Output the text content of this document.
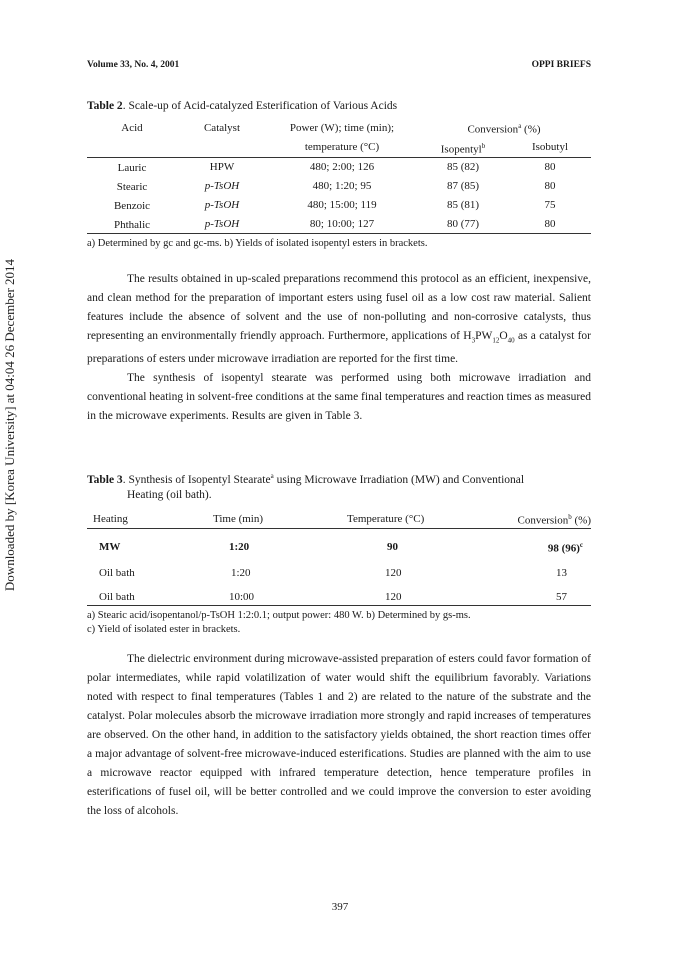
Downloaded by [Korea University] at 04:04 26 December 2014
Volume 33, No. 4, 2001	OPPI BRIEFS
Table 2. Scale-up of Acid-catalyzed Esterification of Various Acids
Acid	Catalyst	Power (W); time (min);	Conversion$^a$ (%)	
		temperature (°C)	Isopentyl$^b$	Isobutyl
Lauric	HPW	480; 2:00; 126	85 (82)	80
Stearic	p-TsOH	480; 1:20; 95	87 (85)	80
Benzoic	p-TsOH	480; 15:00; 119	85 (81)	75
Phthalic	p-TsOH	80; 10:00; 127	80 (77)	80
a) Determined by gc and gc-ms. b) Yields of isolated isopentyl esters in brackets.

The results obtained in up-scaled preparations recommend this protocol as an efficient, inexpensive, and clean method for the preparation of important esters using fusel oil as a low cost raw material. Salient features include the absence of solvent and the use of non-polluting and non-corrosive catalysts, thus representing an environmentally friendly approach. Furthermore, applications of $H_3PW_{12}O_{40}$ as a catalyst for preparations of esters under microwave irradiation are reported for the first time.

The synthesis of isopentyl stearate was performed using both microwave irradiation and conventional heating in solvent-free conditions at the same final temperatures and reaction times as measured in the microwave experiments. Results are given in Table 3.

Table 3. Synthesis of Isopentyl Stearate$^a$ using Microwave Irradiation (MW) and Conventional
Heating (oil bath).
Heating	Time (min)	Temperature (°C)	Conversion$^b$ (%)
MW	1:20	90	98 $(96)^c$
Oil bath	1:20	120	13
Oil bath	10:00	120	57
a) Stearic acid/isopentanol/p-TsOH 1:2:0.1; output power: 480 W. b) Determined by gs-ms.
c) Yield of isolated ester in brackets.

The dielectric environment during microwave-assisted preparation of esters could favor formation of polar intermediates, while rapid volatilization of water would shift the equilibrium favorably. Variations noted with respect to final temperatures (Tables 1 and 2) are related to the nature of the substrate and the catalyst. Polar molecules absorb the microwave irradiation more strongly and rapid increases of temperatures are observed. On the other hand, in addition to the satisfactory yields obtained, the short reaction times offer a major advantage of solvent-free microwave-induced esterifications. Studies are planned with the aim to use a microwave reactor equipped with infrared temperature detection, hence temperature profiles in esterifications of fusel oil, will be better controlled and we could improve the conversion to ester avoiding the loss of alcohols.

397
